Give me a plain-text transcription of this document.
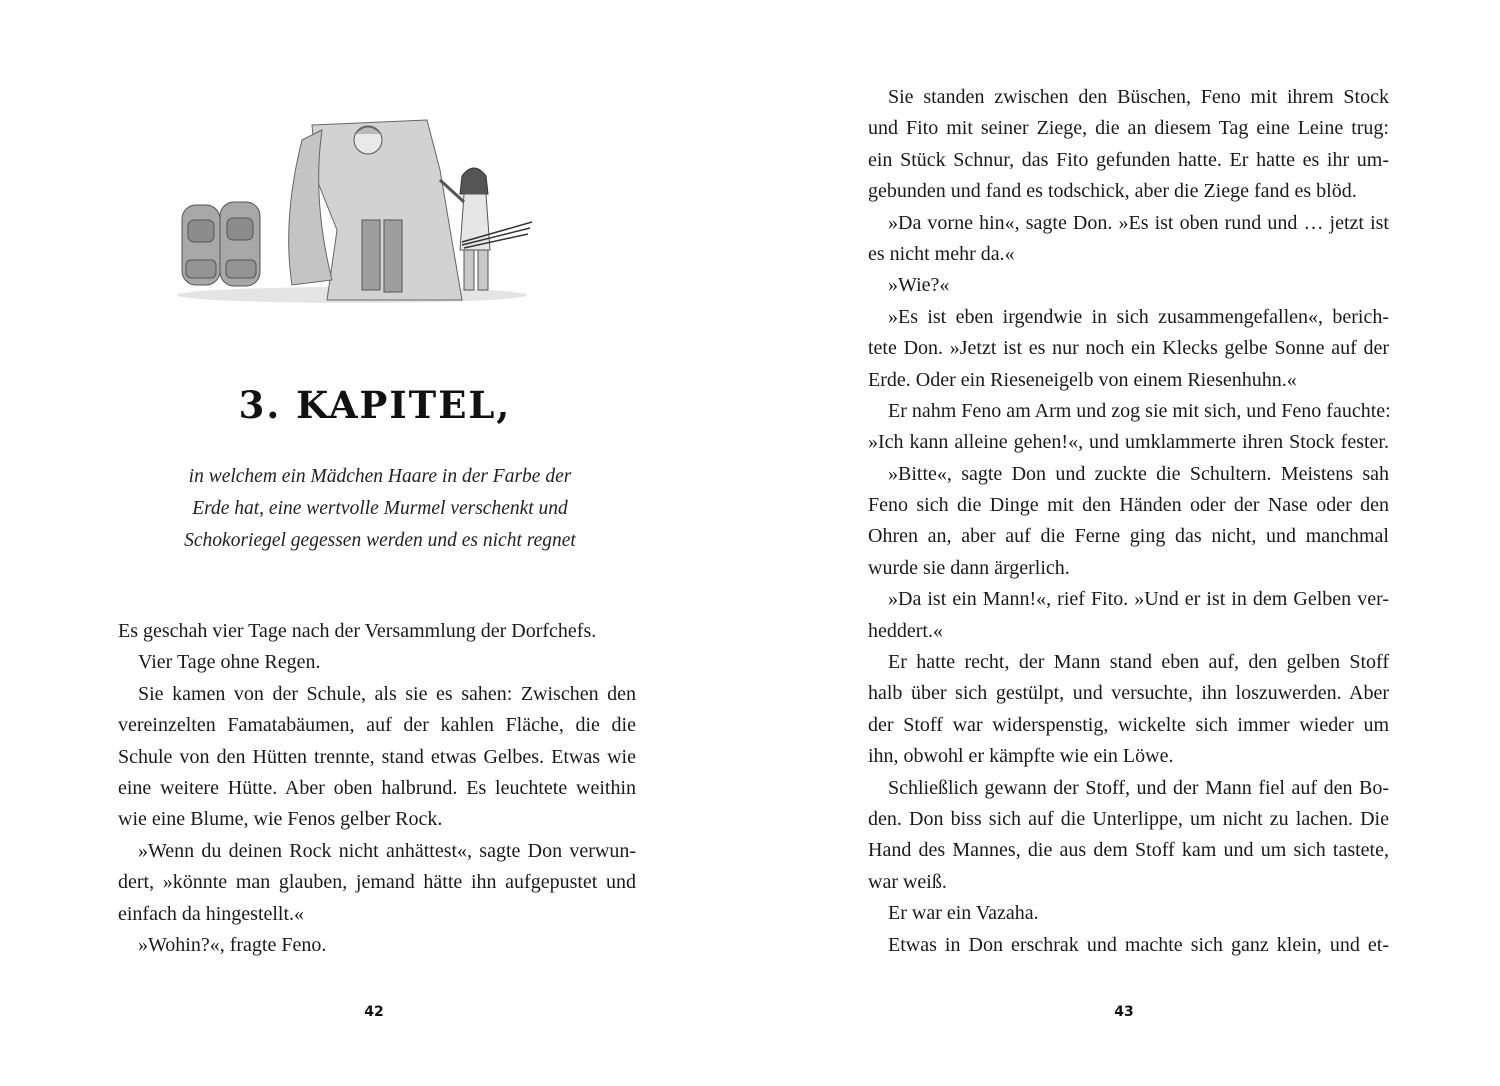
3. KAPITEL,
in welchem ein Mädchen Haare in der Farbe der
Erde hat, eine wertvolle Murmel verschenkt und
Schokoriegel gegessen werden und es nicht regnet
Es geschah vier Tage nach der Versammlung der Dorfchefs.
Vier Tage ohne Regen.
Sie kamen von der Schule, als sie es sahen: Zwischen den
vereinzelten Famatabäumen, auf der kahlen Fläche, die die
Schule von den Hütten trennte, stand etwas Gelbes. Etwas wie
eine weitere Hütte. Aber oben halbrund. Es leuchtete weithin
wie eine Blume, wie Fenos gelber Rock.
»Wenn du deinen Rock nicht anhättest«, sagte Don verwun-
dert, »könnte man glauben, jemand hätte ihn aufgepustet und
einfach da hingestellt.«
»Wohin?«, fragte Feno.
42
Sie standen zwischen den Büschen, Feno mit ihrem Stock
und Fito mit seiner Ziege, die an diesem Tag eine Leine trug:
ein Stück Schnur, das Fito gefunden hatte. Er hatte es ihr um-
gebunden und fand es todschick, aber die Ziege fand es blöd.
»Da vorne hin«, sagte Don. »Es ist oben rund und … jetzt ist
es nicht mehr da.«
»Wie?«
»Es ist eben irgendwie in sich zusammengefallen«, berich-
tete Don. »Jetzt ist es nur noch ein Klecks gelbe Sonne auf der
Erde. Oder ein Rieseneigelb von einem Riesenhuhn.«
Er nahm Feno am Arm und zog sie mit sich, und Feno fauchte:
»Ich kann alleine gehen!«, und umklammerte ihren Stock fester.
»Bitte«, sagte Don und zuckte die Schultern. Meistens sah
Feno sich die Dinge mit den Händen oder der Nase oder den
Ohren an, aber auf die Ferne ging das nicht, und manchmal
wurde sie dann ärgerlich.
»Da ist ein Mann!«, rief Fito. »Und er ist in dem Gelben ver-
heddert.«
Er hatte recht, der Mann stand eben auf, den gelben Stoff
halb über sich gestülpt, und versuchte, ihn loszuwerden. Aber
der Stoff war widerspenstig, wickelte sich immer wieder um
ihn, obwohl er kämpfte wie ein Löwe.
Schließlich gewann der Stoff, und der Mann fiel auf den Bo-
den. Don biss sich auf die Unterlippe, um nicht zu lachen. Die
Hand des Mannes, die aus dem Stoff kam und um sich tastete,
war weiß.
Er war ein Vazaha.
Etwas in Don erschrak und machte sich ganz klein, und et-
43
